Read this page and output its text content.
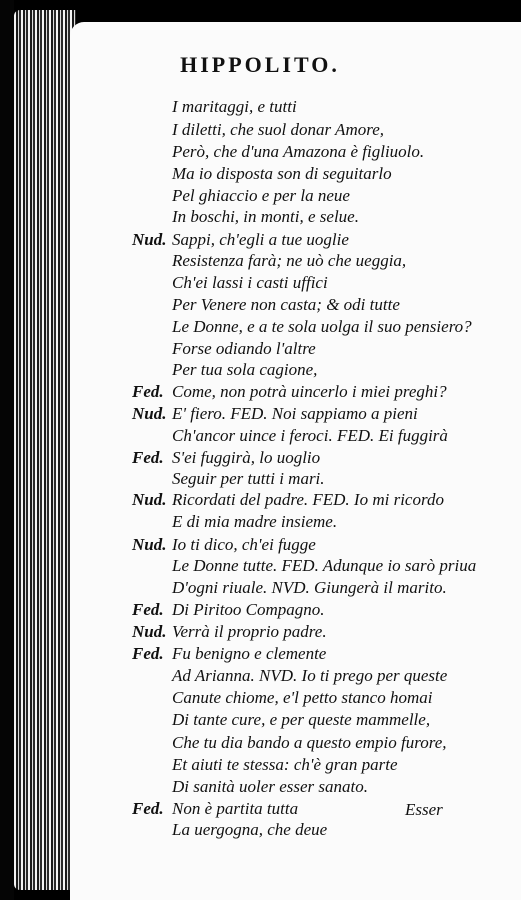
HIPPOLITO.
I maritaggi, e tutti
I diletti, che suol donar Amore,
Però, che d'una Amazona è figliuolo.
Ma io disposta son di seguitarlo
Pel ghiaccio e per la neue
In boschi, in monti, e selue.
Nud. Sappi, ch'egli a tue uoglie
Resistenza farà; ne uò che ueggia,
Ch'ei lassi i casti uffici
Per Venere non casta; & odi tutte
Le Donne, e a te sola uolga il suo pensiero?
Forse odiando l'altre
Per tua sola cagione,
Fed. Come, non potrà uincerlo i miei preghi?
Nud. E' fiero. FED. Noi sappiamo a pieni
Ch'ancor uince i feroci. FED. Ei fuggirà
Fed. S'ei fuggirà, lo uoglio
Seguir per tutti i mari.
Nud. Ricordati del padre. FED. Io mi ricordo
E di mia madre insieme.
Nud. Io ti dico, ch'ei fugge
Le Donne tutte. FED. Adunque io sarò priua
D'ogni riuale. NVD. Giungerà il marito.
Fed. Di Piritoo Compagno.
Nud. Verrà il proprio padre.
Fed. Fu benigno e clemente
Ad Arianna. NVD. Io ti prego per queste
Canute chiome, e'l petto stanco homai
Di tante cure, e per queste mammelle,
Che tu dia bando a questo empio furore,
Et aiuti te stessa: ch'è gran parte
Di sanità uoler esser sanato.
Fed. Non è partita tutta
La uergogna, che deue
Esser
